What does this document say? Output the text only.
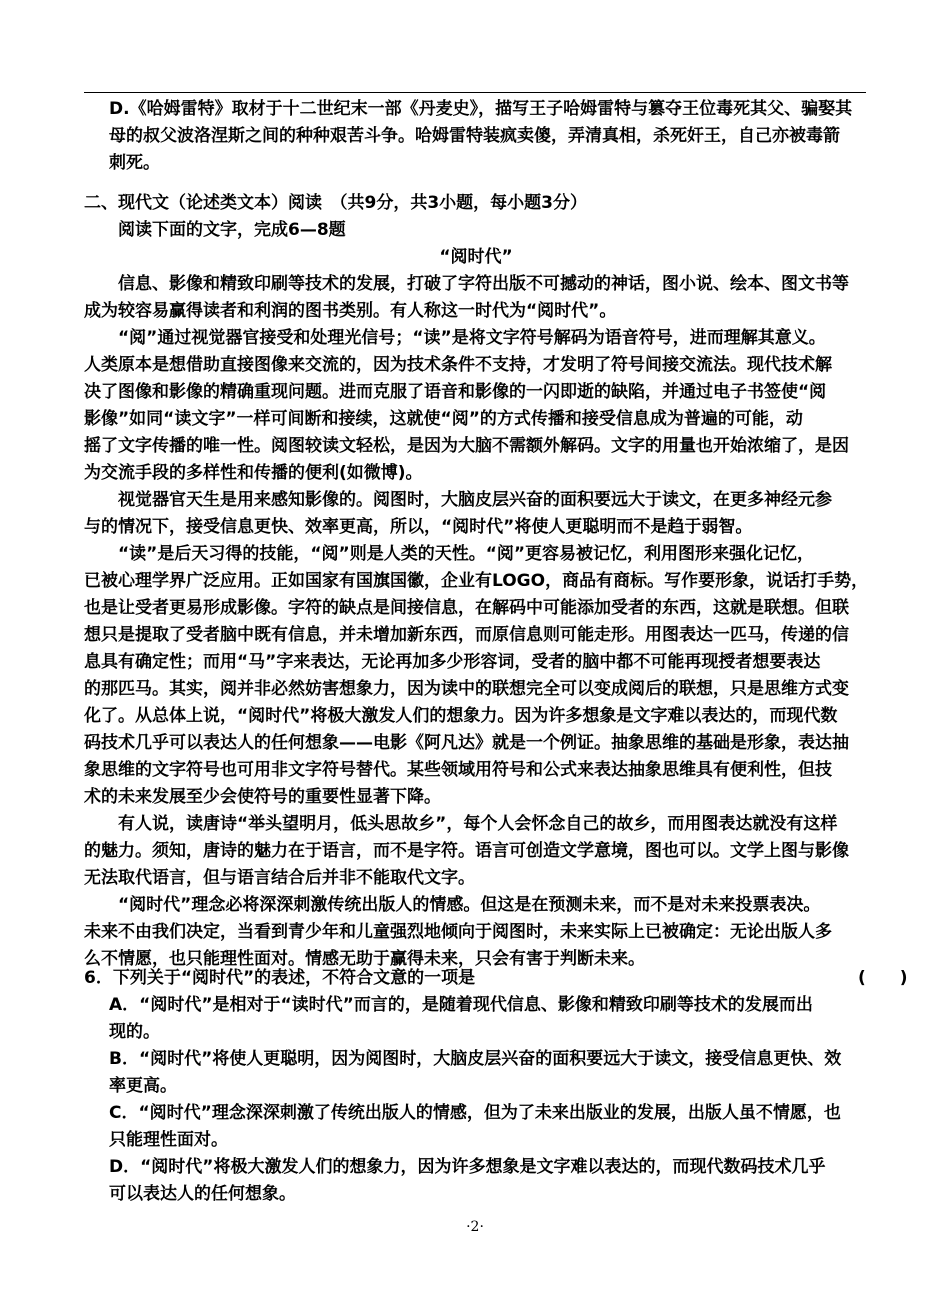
D.《哈姆雷特》取材于十二世纪末一部《丹麦史》，描写王子哈姆雷特与篡夺王位毒死其父、骗娶其
母的叔父波洛涅斯之间的种种艰苦斗争。哈姆雷特装疯卖傻，弄清真相，杀死奸王，自己亦被毒箭
刺死。
二、现代文（论述类文本）阅读　（共9分，共3小题，每小题3分）
阅读下面的文字，完成6—8题
“阅时代”
信息、影像和精致印刷等技术的发展，打破了字符出版不可撼动的神话，图小说、绘本、图文书等
成为较容易赢得读者和利润的图书类别。有人称这一时代为“阅时代”。
“阅”通过视觉器官接受和处理光信号；“读”是将文字符号解码为语音符号，进而理解其意义。
人类原本是想借助直接图像来交流的，因为技术条件不支持，才发明了符号间接交流法。现代技术解
决了图像和影像的精确重现问题。进而克服了语音和影像的一闪即逝的缺陷，并通过电子书签使“阅
影像”如同“读文字”一样可间断和接续，这就使“阅”的方式传播和接受信息成为普遍的可能，动
摇了文字传播的唯一性。阅图较读文轻松，是因为大脑不需额外解码。文字的用量也开始浓缩了，是因
为交流手段的多样性和传播的便利(如微博)。
视觉器官天生是用来感知影像的。阅图时，大脑皮层兴奋的面积要远大于读文，在更多神经元参
与的情况下，接受信息更快、效率更高，所以，“阅时代”将使人更聪明而不是趋于弱智。
“读”是后天习得的技能，“阅”则是人类的天性。“阅”更容易被记忆，利用图形来强化记忆，
已被心理学界广泛应用。正如国家有国旗国徽，企业有LOGO，商品有商标。写作要形象，说话打手势，
也是让受者更易形成影像。字符的缺点是间接信息，在解码中可能添加受者的东西，这就是联想。但联
想只是提取了受者脑中既有信息，并未增加新东西，而原信息则可能走形。用图表达一匹马，传递的信
息具有确定性；而用“马”字来表达，无论再加多少形容词，受者的脑中都不可能再现授者想要表达
的那匹马。其实，阅并非必然妨害想象力，因为读中的联想完全可以变成阅后的联想，只是思维方式变
化了。从总体上说，“阅时代”将极大激发人们的想象力。因为许多想象是文字难以表达的，而现代数
码技术几乎可以表达人的任何想象——电影《阿凡达》就是一个例证。抽象思维的基础是形象，表达抽
象思维的文字符号也可用非文字符号替代。某些领域用符号和公式来表达抽象思维具有便利性，但技
术的未来发展至少会使符号的重要性显著下降。
有人说，读唐诗“举头望明月，低头思故乡”，每个人会怀念自己的故乡，而用图表达就没有这样
的魅力。须知，唐诗的魅力在于语言，而不是字符。语言可创造文学意境，图也可以。文学上图与影像
无法取代语言，但与语言结合后并非不能取代文字。
“阅时代”理念必将深深刺激传统出版人的情感。但这是在预测未来，而不是对未来投票表决。
未来不由我们决定，当看到青少年和儿童强烈地倾向于阅图时，未来实际上已被确定：无论出版人多
么不情愿，也只能理性面对。情感无助于赢得未来，只会有害于判断未来。
6．下列关于“阅时代”的表述，不符合文意的一项是	(　　)
A．“阅时代”是相对于“读时代”而言的，是随着现代信息、影像和精致印刷等技术的发展而出
现的。
B．“阅时代”将使人更聪明，因为阅图时，大脑皮层兴奋的面积要远大于读文，接受信息更快、效
率更高。
C．“阅时代”理念深深刺激了传统出版人的情感，但为了未来出版业的发展，出版人虽不情愿，也
只能理性面对。
D．“阅时代”将极大激发人们的想象力，因为许多想象是文字难以表达的，而现代数码技术几乎
可以表达人的任何想象。
·2·
